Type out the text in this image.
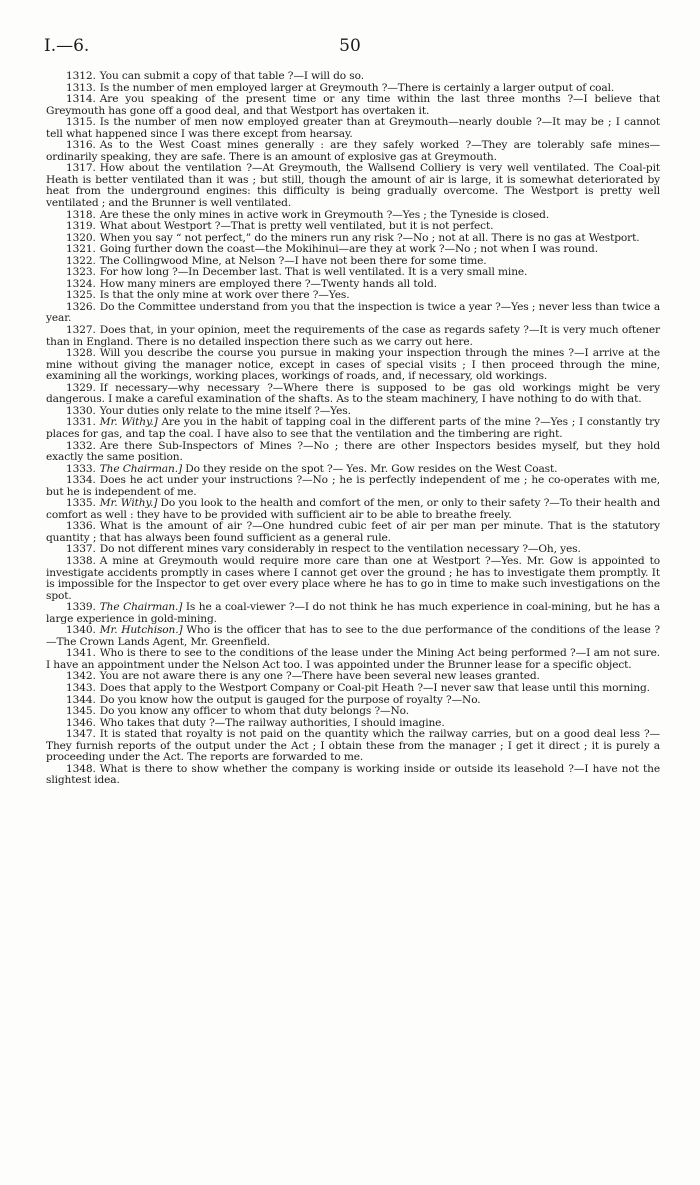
I.—6.	50

1312. You can submit a copy of that table ?—I will do so.

1313. Is the number of men employed larger at Greymouth ?—There is certainly a larger output of coal.

1314. Are you speaking of the present time or any time within the last three months ?—I believe that Greymouth has gone off a good deal, and that Westport has overtaken it.

1315. Is the number of men now employed greater than at Greymouth—nearly double ?—It may be ; I cannot tell what happened since I was there except from hearsay.

1316. As to the West Coast mines generally : are they safely worked ?—They are tolerably safe mines—ordinarily speaking, they are safe. There is an amount of explosive gas at Greymouth.

1317. How about the ventilation ?—At Greymouth, the Wallsend Colliery is very well ventilated. The Coal-pit Heath is better ventilated than it was ; but still, though the amount of air is large, it is somewhat deteriorated by heat from the underground engines: this difficulty is being gradually overcome. The Westport is pretty well ventilated ; and the Brunner is well ventilated.

1318. Are these the only mines in active work in Greymouth ?—Yes ; the Tyneside is closed.

1319. What about Westport ?—That is pretty well ventilated, but it is not perfect.

1320. When you say “ not perfect,” do the miners run any risk ?—No ; not at all. There is no gas at Westport.

1321. Going further down the coast—the Mokihinui—are they at work ?—No ; not when I was round.

1322. The Collingwood Mine, at Nelson ?—I have not been there for some time.

1323. For how long ?—In December last. That is well ventilated. It is a very small mine.

1324. How many miners are employed there ?—Twenty hands all told.

1325. Is that the only mine at work over there ?—Yes.

1326. Do the Committee understand from you that the inspection is twice a year ?—Yes ; never less than twice a year.

1327. Does that, in your opinion, meet the requirements of the case as regards safety ?—It is very much oftener than in England. There is no detailed inspection there such as we carry out here.

1328. Will you describe the course you pursue in making your inspection through the mines ?—I arrive at the mine without giving the manager notice, except in cases of special visits ; I then proceed through the mine, examining all the workings, working places, workings of roads, and, if necessary, old workings.

1329. If necessary—why necessary ?—Where there is supposed to be gas old workings might be very dangerous. I make a careful examination of the shafts. As to the steam machinery, I have nothing to do with that.

1330. Your duties only relate to the mine itself ?—Yes.

1331. Mr. Withy.] Are you in the habit of tapping coal in the different parts of the mine ?—Yes ; I constantly try places for gas, and tap the coal. I have also to see that the ventilation and the timbering are right.

1332. Are there Sub-Inspectors of Mines ?—No ; there are other Inspectors besides myself, but they hold exactly the same position.

1333. The Chairman.] Do they reside on the spot ?— Yes. Mr. Gow resides on the West Coast.

1334. Does he act under your instructions ?—No ; he is perfectly independent of me ; he co-operates with me, but he is independent of me.

1335. Mr. Withy.] Do you look to the health and comfort of the men, or only to their safety ?—To their health and comfort as well : they have to be provided with sufficient air to be able to breathe freely.

1336. What is the amount of air ?—One hundred cubic feet of air per man per minute. That is the statutory quantity ; that has always been found sufficient as a general rule.

1337. Do not different mines vary considerably in respect to the ventilation necessary ?—Oh, yes.

1338. A mine at Greymouth would require more care than one at Westport ?—Yes. Mr. Gow is appointed to investigate accidents promptly in cases where I cannot get over the ground ; he has to investigate them promptly. It is impossible for the Inspector to get over every place where he has to go in time to make such investigations on the spot.

1339. The Chairman.] Is he a coal-viewer ?—I do not think he has much experience in coal-mining, but he has a large experience in gold-mining.

1340. Mr. Hutchison.] Who is the officer that has to see to the due performance of the conditions of the lease ?—The Crown Lands Agent, Mr. Greenfield.

1341. Who is there to see to the conditions of the lease under the Mining Act being performed ?—I am not sure. I have an appointment under the Nelson Act too. I was appointed under the Brunner lease for a specific object.

1342. You are not aware there is any one ?—There have been several new leases granted.

1343. Does that apply to the Westport Company or Coal-pit Heath ?—I never saw that lease until this morning.

1344. Do you know how the output is gauged for the purpose of royalty ?—No.

1345. Do you know any officer to whom that duty belongs ?—No.

1346. Who takes that duty ?—The railway authorities, I should imagine.

1347. It is stated that royalty is not paid on the quantity which the railway carries, but on a good deal less ?—They furnish reports of the output under the Act ; I obtain these from the manager ; I get it direct ; it is purely a proceeding under the Act. The reports are forwarded to me.

1348. What is there to show whether the company is working inside or outside its leasehold ?—I have not the slightest idea.
